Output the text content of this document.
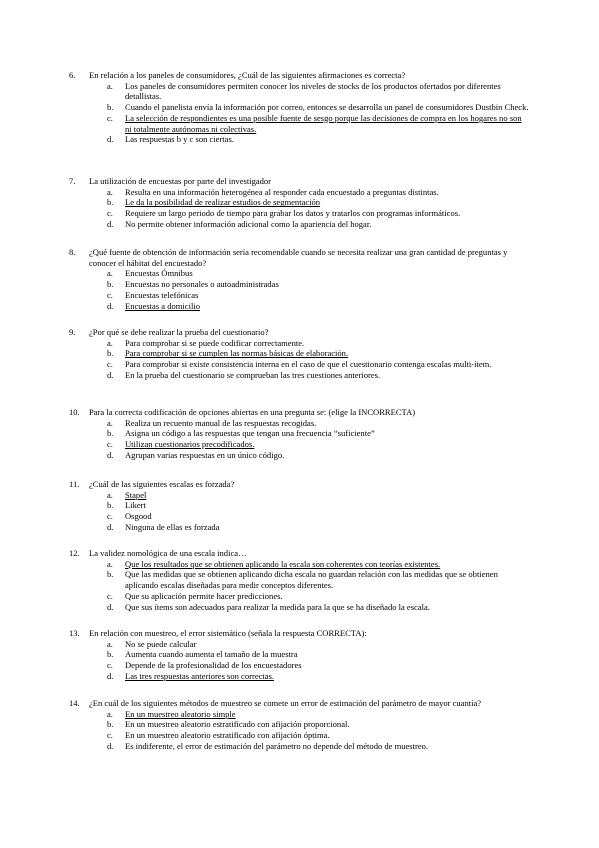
6.	En relación a los paneles de consumidores, ¿Cuál de las siguientes afirmaciones es correcta?
a.	Los paneles de consumidores permiten conocer los niveles de stocks de los productos ofertados por diferentes detallistas.
b.	Cuando el panelista envía la información por correo, entonces se desarrolla un panel de consumidores Dustbin Check.
c.	La selección de respondientes es una posible fuente de sesgo porque las decisiones de compra en los hogares no son ni totalmente autónomas ni colectivas.
d.	Las respuestas b y c son ciertas.
7.	La utilización de encuestas por parte del investigador
a.	Resulta en una información heterogénea al responder cada encuestado a preguntas distintas.
b.	Le da la posibilidad de realizar estudios de segmentación
c.	Requiere un largo periodo de tiempo para grabar los datos y tratarlos con programas informáticos.
d.	No permite obtener información adicional como la apariencia del hogar.
8.	¿Qué fuente de obtención de información sería recomendable cuando se necesita realizar una gran cantidad de preguntas y conocer el hábitat del encuestado?
a.	Encuestas Ómnibus
b.	Encuestas no personales o autoadministradas
c.	Encuestas telefónicas
d.	Encuestas a domicilio
9.	¿Por qué se debe realizar la prueba del cuestionario?
a.	Para comprobar si se puede codificar correctamente.
b.	Para comprobar si se cumplen las normas básicas de elaboración.
c.	Para comprobar si existe consistencia interna en el caso de que el cuestionario contenga escalas multi-ítem.
d.	En la prueba del cuestionario se comprueban las tres cuestiones anteriores.
10.	Para la correcta codificación de opciones abiertas en una pregunta se: (elige la INCORRECTA)
a.	Realiza un recuento manual de las respuestas recogidas.
b.	Asigna un código a las respuestas que tengan una frecuencia “suficiente”
c.	Utilizan cuestionarios precodificados.
d.	Agrupan varias respuestas en un único código.
11.	¿Cuál de las siguientes escalas es forzada?
a.	Stapel
b.	Likert
c.	Osgood
d.	Ninguna de ellas es forzada
12.	La validez nomológica de una escala indica…
a.	Que los resultados que se obtienen aplicando la escala son coherentes con teorías existentes.
b.	Que las medidas que se obtienen aplicando dicha escala no guardan relación con las medidas que se obtienen aplicando escalas diseñadas para medir conceptos diferentes.
c.	Que su aplicación permite hacer predicciones.
d.	Que sus ítems son adecuados para realizar la medida para la que se ha diseñado la escala.
13.	En relación con muestreo, el error sistemático (señala la respuesta CORRECTA):
a.	No se puede calcular
b.	Aumenta cuando aumenta el tamaño de la muestra
c.	Depende de la profesionalidad de los encuestadores
d.	Las tres respuestas anteriores son correctas.
14.	¿En cuál de los siguientes métodos de muestreo se comete un error de estimación del parámetro de mayor cuantía?
a.	En un muestreo aleatorio simple
b.	En un muestreo aleatorio estratificado con afijación proporcional.
c.	En un muestreo aleatorio estratificado con afijación óptima.
d.	Es indiferente, el error de estimación del parámetro no depende del método de muestreo.
